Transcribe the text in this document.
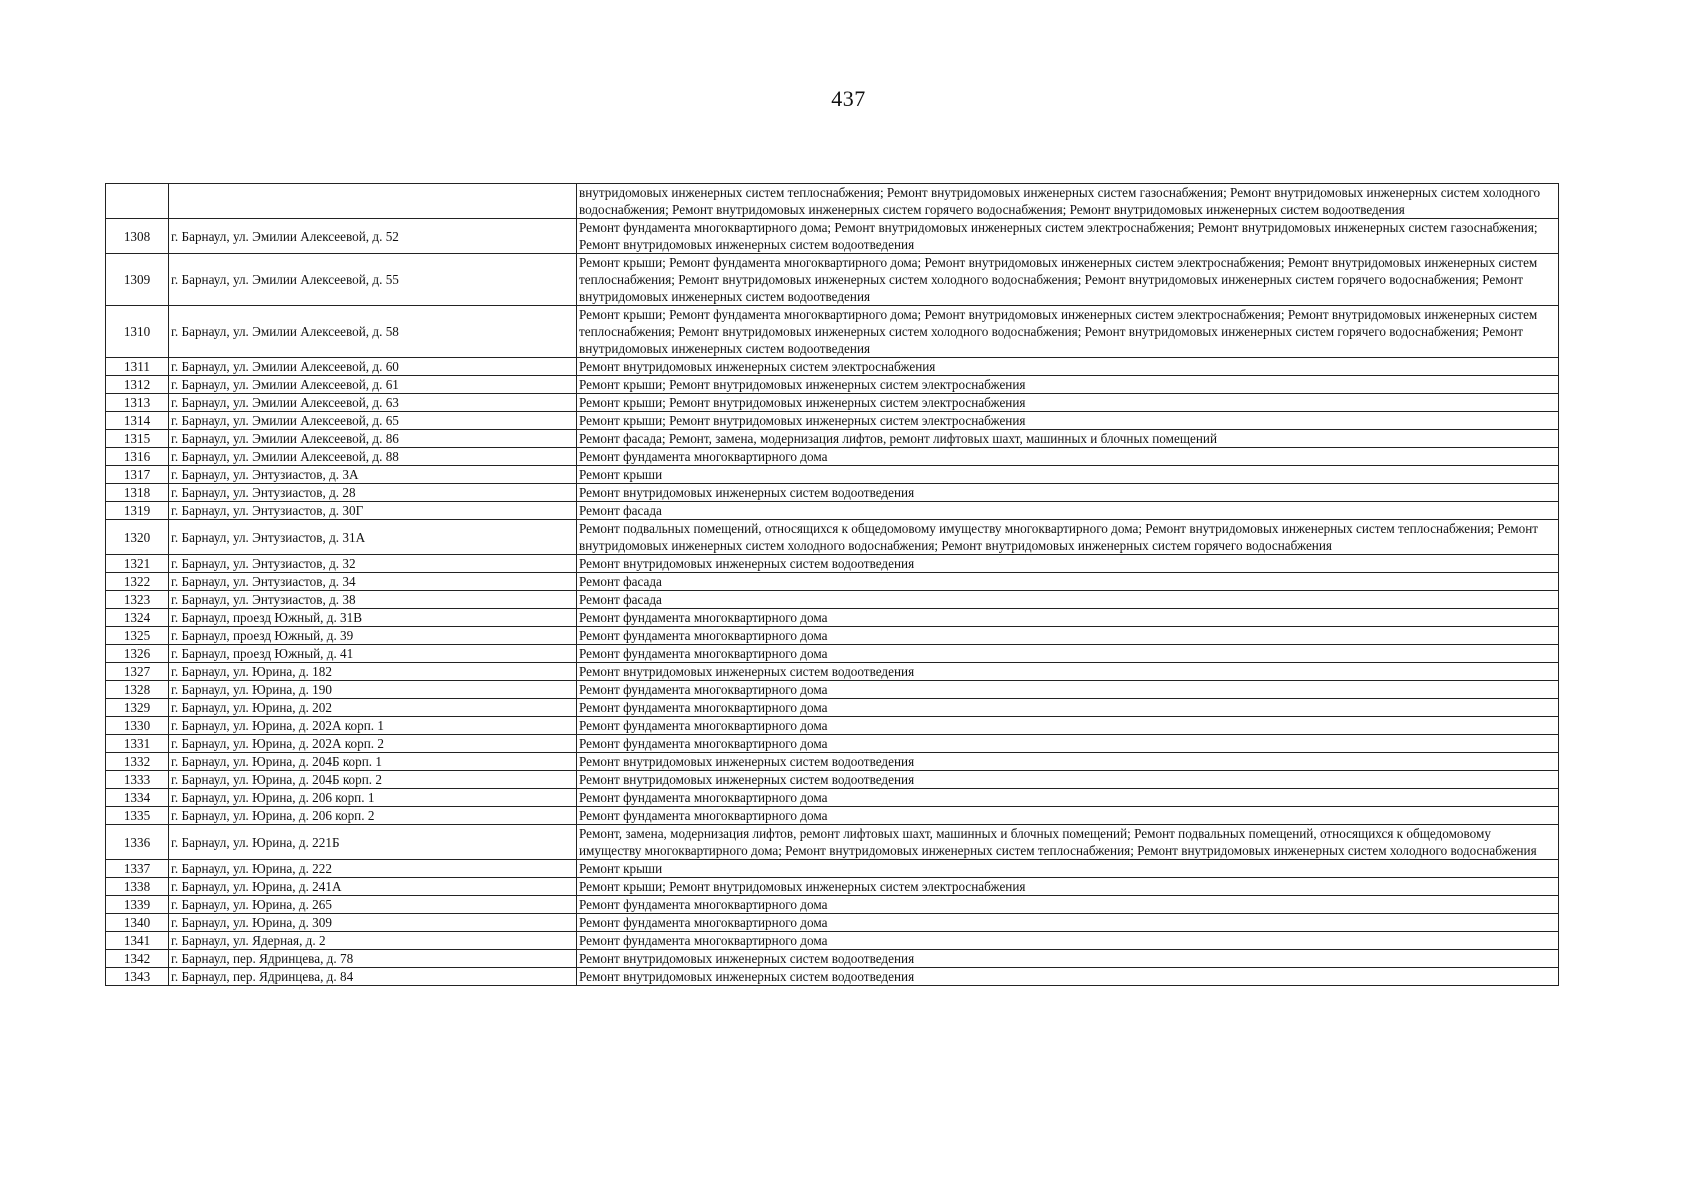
437
		внутридомовых инженерных систем теплоснабжения; Ремонт внутридомовых инженерных систем газоснабжения; Ремонт внутридомовых инженерных систем холодного водоснабжения; Ремонт внутридомовых инженерных систем горячего водоснабжения; Ремонт внутридомовых инженерных систем водоотведения
1308	г. Барнаул, ул. Эмилии Алексеевой, д. 52	Ремонт фундамента многоквартирного дома; Ремонт внутридомовых инженерных систем электроснабжения; Ремонт внутридомовых инженерных систем газоснабжения; Ремонт внутридомовых инженерных систем водоотведения
1309	г. Барнаул, ул. Эмилии Алексеевой, д. 55	Ремонт крыши; Ремонт фундамента многоквартирного дома; Ремонт внутридомовых инженерных систем электроснабжения; Ремонт внутридомовых инженерных систем теплоснабжения; Ремонт внутридомовых инженерных систем холодного водоснабжения; Ремонт внутридомовых инженерных систем горячего водоснабжения; Ремонт внутридомовых инженерных систем водоотведения
1310	г. Барнаул, ул. Эмилии Алексеевой, д. 58	Ремонт крыши; Ремонт фундамента многоквартирного дома; Ремонт внутридомовых инженерных систем электроснабжения; Ремонт внутридомовых инженерных систем теплоснабжения; Ремонт внутридомовых инженерных систем холодного водоснабжения; Ремонт внутридомовых инженерных систем горячего водоснабжения; Ремонт внутридомовых инженерных систем водоотведения
1311	г. Барнаул, ул. Эмилии Алексеевой, д. 60	Ремонт внутридомовых инженерных систем электроснабжения
1312	г. Барнаул, ул. Эмилии Алексеевой, д. 61	Ремонт крыши; Ремонт внутридомовых инженерных систем электроснабжения
1313	г. Барнаул, ул. Эмилии Алексеевой, д. 63	Ремонт крыши; Ремонт внутридомовых инженерных систем электроснабжения
1314	г. Барнаул, ул. Эмилии Алексеевой, д. 65	Ремонт крыши; Ремонт внутридомовых инженерных систем электроснабжения
1315	г. Барнаул, ул. Эмилии Алексеевой, д. 86	Ремонт фасада; Ремонт, замена, модернизация лифтов, ремонт лифтовых шахт, машинных и блочных помещений
1316	г. Барнаул, ул. Эмилии Алексеевой, д. 88	Ремонт фундамента многоквартирного дома
1317	г. Барнаул, ул. Энтузиастов, д. 3А	Ремонт крыши
1318	г. Барнаул, ул. Энтузиастов, д. 28	Ремонт внутридомовых инженерных систем водоотведения
1319	г. Барнаул, ул. Энтузиастов, д. 30Г	Ремонт фасада
1320	г. Барнаул, ул. Энтузиастов, д. 31А	Ремонт подвальных помещений, относящихся к общедомовому имуществу многоквартирного дома; Ремонт внутридомовых инженерных систем теплоснабжения; Ремонт внутридомовых инженерных систем холодного водоснабжения; Ремонт внутридомовых инженерных систем горячего водоснабжения
1321	г. Барнаул, ул. Энтузиастов, д. 32	Ремонт внутридомовых инженерных систем водоотведения
1322	г. Барнаул, ул. Энтузиастов, д. 34	Ремонт фасада
1323	г. Барнаул, ул. Энтузиастов, д. 38	Ремонт фасада
1324	г. Барнаул, проезд Южный, д. 31В	Ремонт фундамента многоквартирного дома
1325	г. Барнаул, проезд Южный, д. 39	Ремонт фундамента многоквартирного дома
1326	г. Барнаул, проезд Южный, д. 41	Ремонт фундамента многоквартирного дома
1327	г. Барнаул, ул. Юрина, д. 182	Ремонт внутридомовых инженерных систем водоотведения
1328	г. Барнаул, ул. Юрина, д. 190	Ремонт фундамента многоквартирного дома
1329	г. Барнаул, ул. Юрина, д. 202	Ремонт фундамента многоквартирного дома
1330	г. Барнаул, ул. Юрина, д. 202А корп. 1	Ремонт фундамента многоквартирного дома
1331	г. Барнаул, ул. Юрина, д. 202А корп. 2	Ремонт фундамента многоквартирного дома
1332	г. Барнаул, ул. Юрина, д. 204Б корп. 1	Ремонт внутридомовых инженерных систем водоотведения
1333	г. Барнаул, ул. Юрина, д. 204Б корп. 2	Ремонт внутридомовых инженерных систем водоотведения
1334	г. Барнаул, ул. Юрина, д. 206 корп. 1	Ремонт фундамента многоквартирного дома
1335	г. Барнаул, ул. Юрина, д. 206 корп. 2	Ремонт фундамента многоквартирного дома
1336	г. Барнаул, ул. Юрина, д. 221Б	Ремонт, замена, модернизация лифтов, ремонт лифтовых шахт, машинных и блочных помещений; Ремонт подвальных помещений, относящихся к общедомовому имуществу многоквартирного дома; Ремонт внутридомовых инженерных систем теплоснабжения; Ремонт внутридомовых инженерных систем холодного водоснабжения
1337	г. Барнаул, ул. Юрина, д. 222	Ремонт крыши
1338	г. Барнаул, ул. Юрина, д. 241А	Ремонт крыши; Ремонт внутридомовых инженерных систем электроснабжения
1339	г. Барнаул, ул. Юрина, д. 265	Ремонт фундамента многоквартирного дома
1340	г. Барнаул, ул. Юрина, д. 309	Ремонт фундамента многоквартирного дома
1341	г. Барнаул, ул. Ядерная, д. 2	Ремонт фундамента многоквартирного дома
1342	г. Барнаул, пер. Ядринцева, д. 78	Ремонт внутридомовых инженерных систем водоотведения
1343	г. Барнаул, пер. Ядринцева, д. 84	Ремонт внутридомовых инженерных систем водоотведения
